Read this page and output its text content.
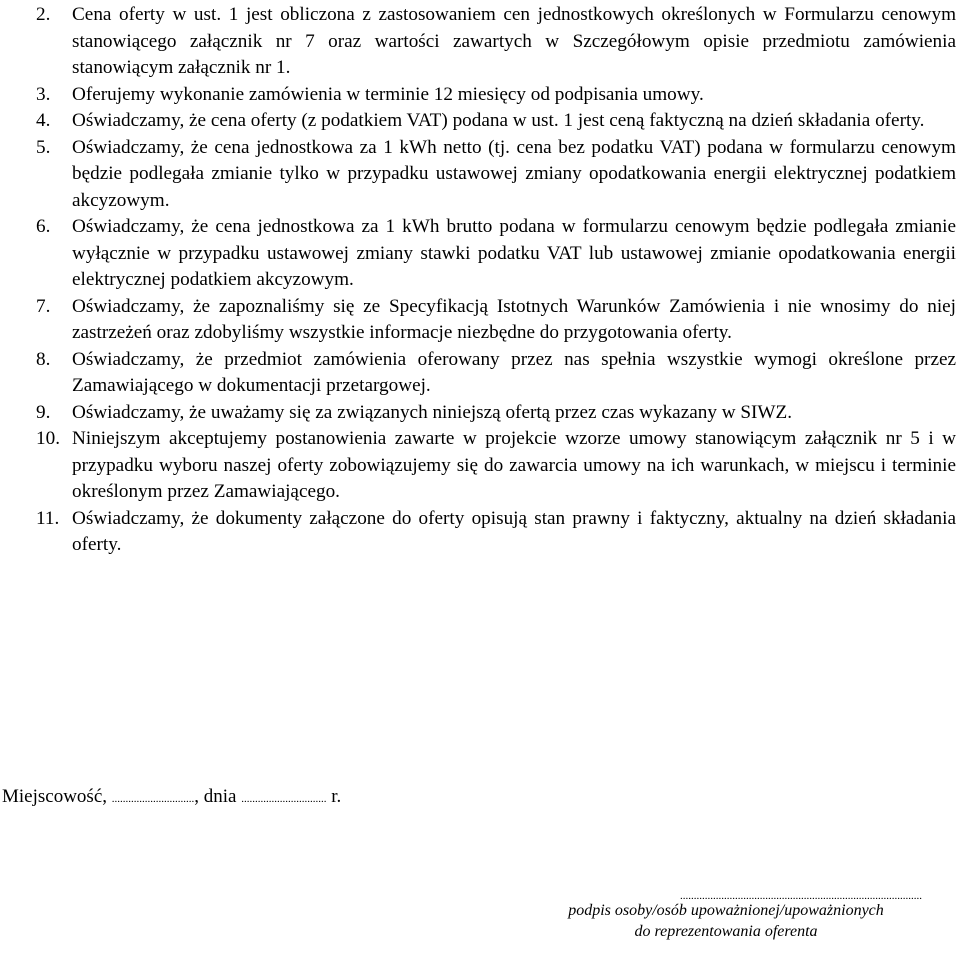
2.	Cena oferty w ust. 1 jest obliczona z zastosowaniem cen jednostkowych określonych w Formularzu cenowym stanowiącego załącznik nr 7 oraz wartości zawartych w Szczegółowym opisie przedmiotu zamówienia stanowiącym załącznik nr 1.
3.	Oferujemy wykonanie zamówienia w terminie 12 miesięcy od podpisania umowy.
4.	Oświadczamy, że cena oferty (z podatkiem VAT) podana w ust. 1 jest ceną faktyczną na dzień składania oferty.
5.	Oświadczamy, że cena jednostkowa za 1 kWh netto (tj. cena bez podatku VAT) podana w formularzu cenowym będzie podlegała zmianie tylko w przypadku ustawowej zmiany opodatkowania energii elektrycznej podatkiem akcyzowym.
6.	Oświadczamy, że cena jednostkowa za 1 kWh brutto podana w formularzu cenowym będzie podlegała zmianie wyłącznie w przypadku ustawowej zmiany stawki podatku VAT lub ustawowej zmianie opodatkowania energii elektrycznej podatkiem akcyzowym.
7.	Oświadczamy, że zapoznaliśmy się ze Specyfikacją Istotnych Warunków Zamówienia i nie wnosimy do niej zastrzeżeń oraz zdobyliśmy wszystkie informacje niezbędne do przygotowania oferty.
8.	Oświadczamy, że przedmiot zamówienia oferowany przez nas spełnia wszystkie wymogi określone przez Zamawiającego w dokumentacji przetargowej.
9.	Oświadczamy, że uważamy się za związanych niniejszą ofertą przez czas wykazany w SIWZ.
10. Niniejszym akceptujemy postanowienia zawarte w projekcie wzorze umowy stanowiącym załącznik nr 5 i w przypadku wyboru naszej oferty zobowiązujemy się do zawarcia umowy na ich warunkach, w miejscu i terminie określonym przez Zamawiającego.
11. Oświadczamy, że dokumenty załączone do oferty opisują stan prawny i faktyczny, aktualny na dzień składania oferty.
Miejscowość, .............................., dnia ............................... r.
........................................................................................
podpis osoby/osób upoważnionej/upoważnionych
do reprezentowania oferenta
